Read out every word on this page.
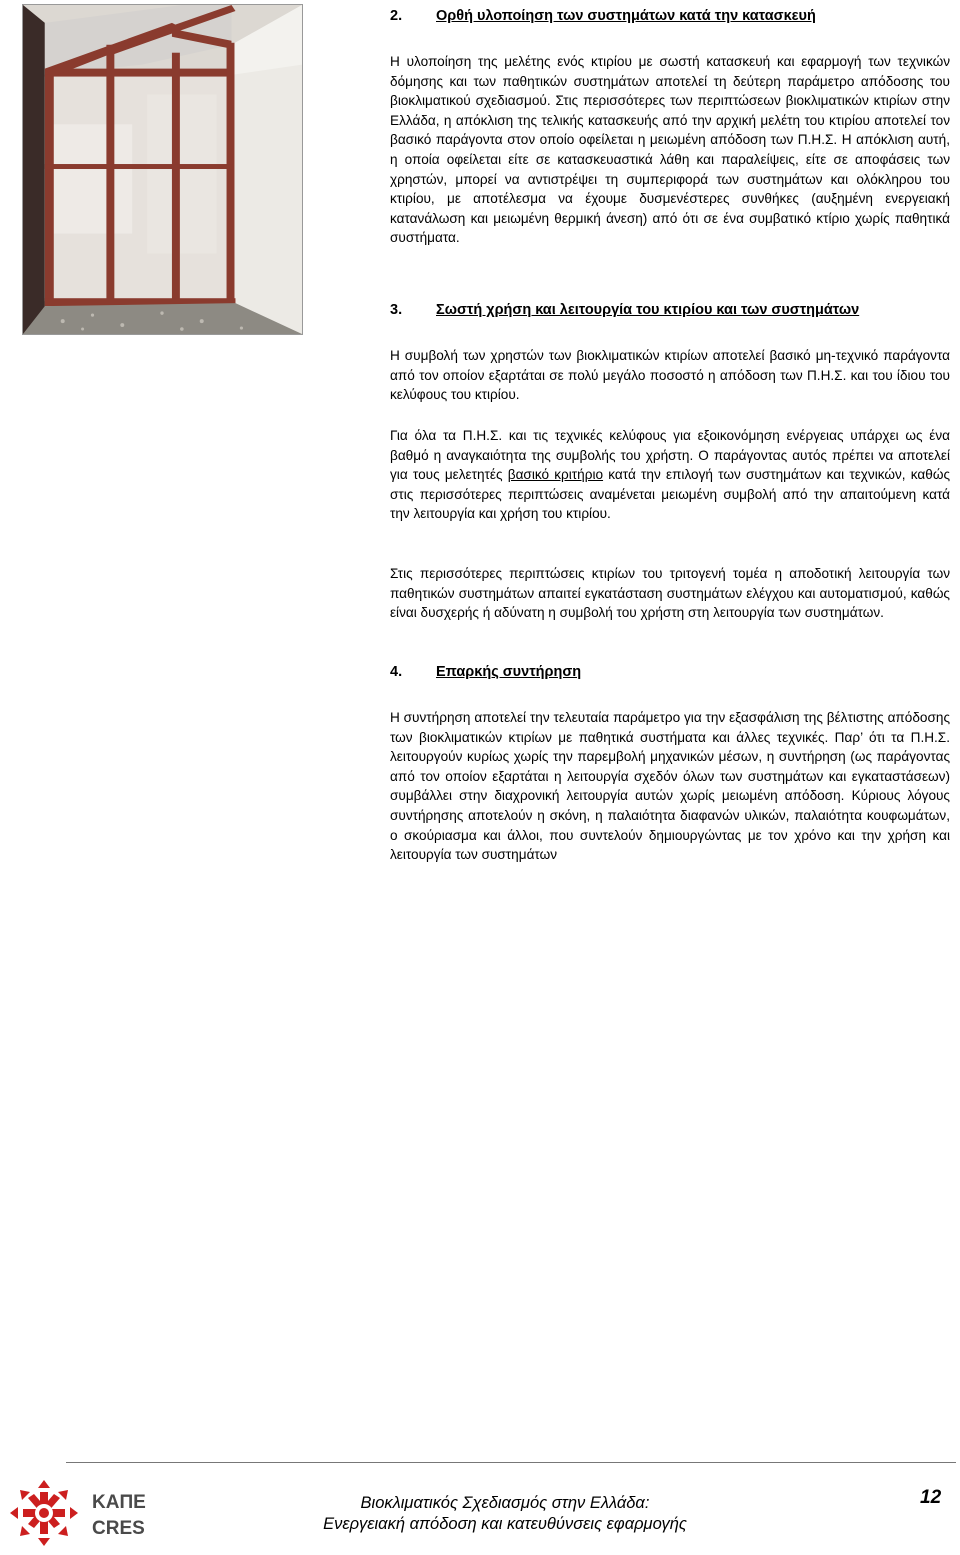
2. Ορθή υλοποίηση των συστημάτων κατά την κατασκευή

Η υλοποίηση της μελέτης ενός κτιρίου με σωστή κατασκευή και εφαρμογή των τεχνικών δόμησης και των παθητικών συστημάτων αποτελεί τη δεύτερη παράμετρο απόδοσης του βιοκλιματικού σχεδιασμού. Στις περισσότερες των περιπτώσεων βιοκλιματικών κτιρίων στην Ελλάδα, η απόκλιση της τελικής κατασκευής από την αρχική μελέτη του κτιρίου αποτελεί τον βασικό παράγοντα στον οποίο οφείλεται η μειωμένη απόδοση των Π.Η.Σ. Η απόκλιση αυτή, η οποία οφείλεται είτε σε κατασκευαστικά λάθη και παραλείψεις, είτε σε αποφάσεις των χρηστών, μπορεί να αντιστρέψει τη συμπεριφορά των συστημάτων και ολόκληρου του κτιρίου, με αποτέλεσμα να έχουμε δυσμενέστερες συνθήκες (αυξημένη ενεργειακή κατανάλωση και μειωμένη θερμική άνεση) από ότι σε ένα συμβατικό κτίριο χωρίς παθητικά συστήματα.

3. Σωστή χρήση και λειτουργία του κτιρίου και των συστημάτων

Η συμβολή των χρηστών των βιοκλιματικών κτιρίων αποτελεί βασικό μη-τεχνικό παράγοντα από τον οποίον εξαρτάται σε πολύ μεγάλο ποσοστό η απόδοση των Π.Η.Σ. και του ίδιου του κελύφους του κτιρίου.

Για όλα τα Π.Η.Σ. και τις τεχνικές κελύφους για εξοικονόμηση ενέργειας υπάρχει ως ένα βαθμό η αναγκαιότητα της συμβολής του χρήστη. Ο παράγοντας αυτός πρέπει να αποτελεί για τους μελετητές βασικό κριτήριο κατά την επιλογή των συστημάτων και τεχνικών, καθώς στις περισσότερες περιπτώσεις αναμένεται μειωμένη συμβολή από την απαιτούμενη κατά την λειτουργία και χρήση του κτιρίου.

Στις περισσότερες περιπτώσεις κτιρίων του τριτογενή τομέα η αποδοτική λειτουργία των παθητικών συστημάτων απαιτεί εγκατάσταση συστημάτων ελέγχου και αυτοματισμού, καθώς είναι δυσχερής ή αδύνατη η συμβολή του χρήστη στη λειτουργία των συστημάτων.

4. Επαρκής συντήρηση

Η συντήρηση αποτελεί την τελευταία παράμετρο για την εξασφάλιση της βέλτιστης απόδοσης των βιοκλιματικών κτιρίων με παθητικά συστήματα και άλλες τεχνικές. Παρ’ ότι τα Π.Η.Σ. λειτουργούν κυρίως χωρίς την παρεμβολή μηχανικών μέσων, η συντήρηση (ως παράγοντας από τον οποίον εξαρτάται η λειτουργία σχεδόν όλων των συστημάτων και εγκαταστάσεων) συμβάλλει στην διαχρονική λειτουργία αυτών χωρίς μειωμένη απόδοση. Κύριους λόγους συντήρησης αποτελούν η σκόνη, η παλαιότητα διαφανών υλικών, παλαιότητα κουφωμάτων, ο σκούριασμα και άλλοι, που συντελούν δημιουργώντας με τον χρόνο και την χρήση και λειτουργία των συστημάτων

ΚΑΠΕ
CRES
Βιοκλιματικός Σχεδιασμός στην Ελλάδα:
Ενεργειακή απόδοση και κατευθύνσεις εφαρμογής
12
